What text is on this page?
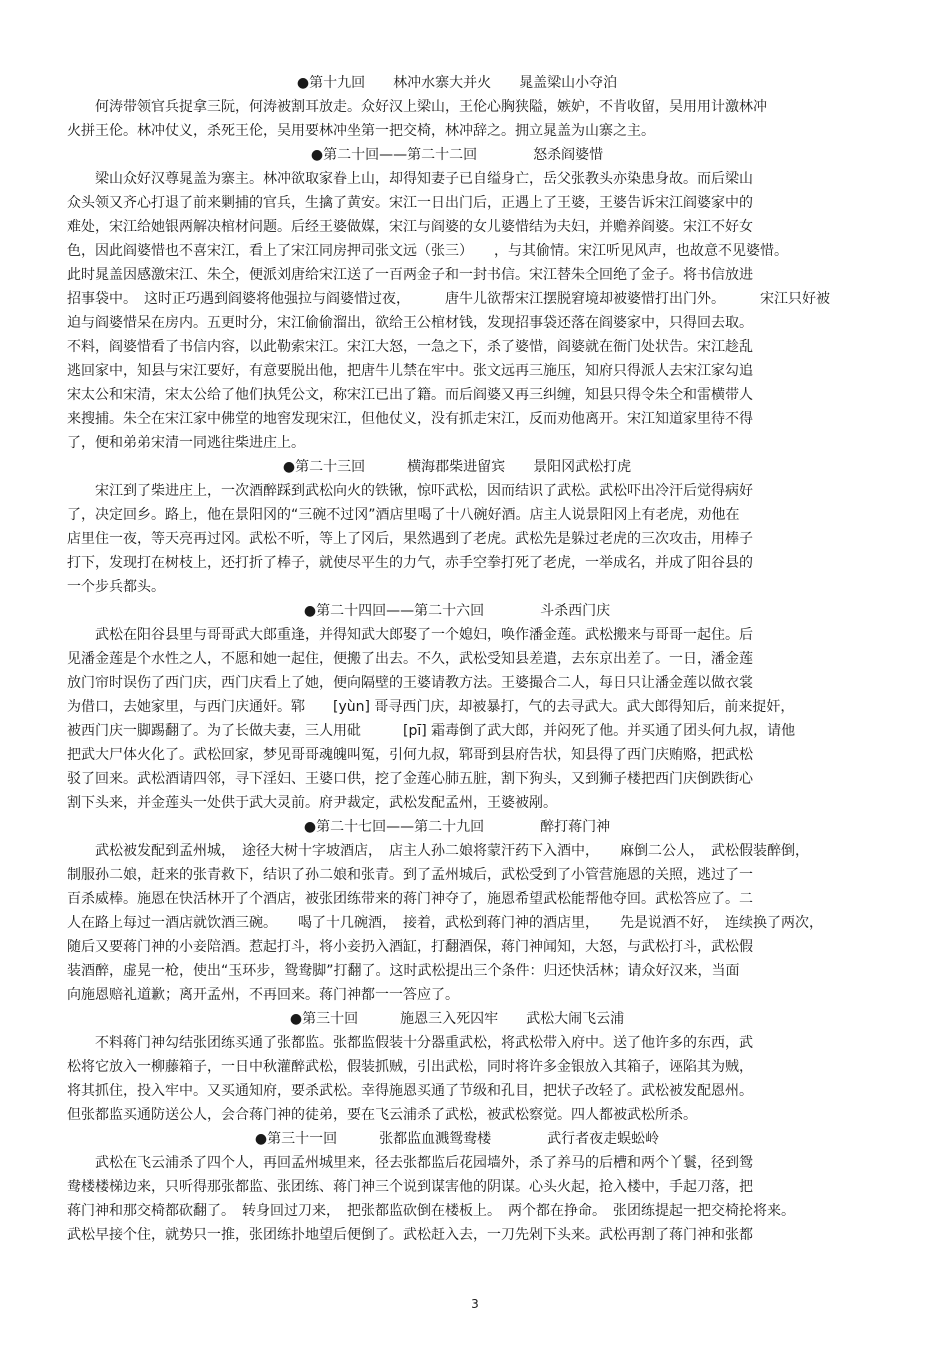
●第十九回　　林冲水寨大并火　　晁盖梁山小夺泊
　　何涛带领官兵捉拿三阮，何涛被割耳放走。众好汉上梁山，王伦心胸狭隘，嫉妒，不肯收留，吴用用计激林冲
火拼王伦。林冲仗义，杀死王伦，吴用要林冲坐第一把交椅，林冲辞之。拥立晁盖为山寨之主。
●第二十回——第二十二回　　　　怒杀阎婆惜
　　梁山众好汉尊晁盖为寨主。林冲欲取家眷上山，却得知妻子已自缢身亡，岳父张教头亦染患身故。而后梁山
众头领又齐心打退了前来剿捕的官兵，生擒了黄安。宋江一日出门后，正遇上了王婆，王婆告诉宋江阎婆家中的
难处，宋江给她银两解决棺材问题。后经王婆做媒，宋江与阎婆的女儿婆惜结为夫妇，并赡养阎婆。宋江不好女
色，因此阎婆惜也不喜宋江，看上了宋江同房押司张文远（张三）　　，与其偷情。宋江听见风声，也故意不见婆惜。
此时晁盖因感激宋江、朱仝，便派刘唐给宋江送了一百两金子和一封书信。宋江替朱仝回绝了金子。将书信放进
招事袋中。　这时正巧遇到阎婆将他强拉与阎婆惜过夜，　　　唐牛儿欲帮宋江摆脱窘境却被婆惜打出门外。　　　宋江只好被
迫与阎婆惜呆在房内。五更时分，宋江偷偷溜出，欲给王公棺材钱，发现招事袋还落在阎婆家中，只得回去取。
不料，阎婆惜看了书信内容，以此勒索宋江。宋江大怒，一急之下，杀了婆惜，阎婆就在衙门处状告。宋江趁乱
逃回家中，知县与宋江要好，有意要脱出他，把唐牛儿禁在牢中。张文远再三施压，知府只得派人去宋江家勾追
宋太公和宋清，宋太公给了他们执凭公文，称宋江已出了籍。而后阎婆又再三纠缠，知县只得令朱仝和雷横带人
来搜捕。朱仝在宋江家中佛堂的地窖发现宋江，但他仗义，没有抓走宋江，反而劝他离开。宋江知道家里待不得
了，便和弟弟宋清一同逃往柴进庄上。
●第二十三回　　　横海郡柴进留宾　　景阳冈武松打虎
　　宋江到了柴进庄上，一次酒醉踩到武松向火的铁锹，惊吓武松，因而结识了武松。武松吓出冷汗后觉得病好
了，决定回乡。路上，他在景阳冈的“三碗不过冈”酒店里喝了十八碗好酒。店主人说景阳冈上有老虎，劝他在
店里住一夜，等天亮再过冈。武松不听，等上了冈后，果然遇到了老虎。武松先是躲过老虎的三次攻击，用棒子
打下，发现打在树枝上，还打折了棒子，就使尽平生的力气，赤手空拳打死了老虎，一举成名，并成了阳谷县的
一个步兵都头。
●第二十四回——第二十六回　　　　斗杀西门庆
　　武松在阳谷县里与哥哥武大郎重逢，并得知武大郎娶了一个媳妇，唤作潘金莲。武松搬来与哥哥一起住。后
见潘金莲是个水性之人，不愿和她一起住，便搬了出去。不久，武松受知县差遣，去东京出差了。一日，潘金莲
放门帘时误伤了西门庆，西门庆看上了她，便向隔壁的王婆请教方法。王婆撮合二人，每日只让潘金莲以做衣裳
为借口，去她家里，与西门庆通奸。郓　　[yùn] 哥寻西门庆，却被暴打，气的去寻武大。武大郎得知后，前来捉奸，
被西门庆一脚踢翻了。为了长做夫妻，三人用砒　　　[pī] 霜毒倒了武大郎，并闷死了他。并买通了团头何九叔，请他
把武大尸体火化了。武松回家，梦见哥哥魂魄叫冤，引何九叔，郓哥到县府告状，知县得了西门庆贿赂，把武松
驳了回来。武松酒请四邻，寻下淫妇、王婆口供，挖了金莲心肺五脏，割下狗头，又到狮子楼把西门庆倒跌街心
割下头来，并金莲头一处供于武大灵前。府尹裁定，武松发配孟州，王婆被剐。
●第二十七回——第二十九回　　　　醉打蒋门神
　　武松被发配到孟州城，　途径大树十字坡酒店，　店主人孙二娘将蒙汗药下入酒中，　　麻倒二公人，　武松假装醉倒，
制服孙二娘，赶来的张青救下，结识了孙二娘和张青。到了孟州城后，武松受到了小管营施恩的关照，逃过了一
百杀威棒。施恩在快活林开了个酒店，被张团练带来的蒋门神夺了，施恩希望武松能帮他夺回。武松答应了。二
人在路上每过一酒店就饮酒三碗。　　喝了十几碗酒，　接着，武松到蒋门神的酒店里，　　先是说酒不好，　连续换了两次，
随后又要蒋门神的小妾陪酒。惹起打斗，将小妾扔入酒缸，打翻酒保，蒋门神闻知，大怒，与武松打斗，武松假
装酒醉，虚晃一枪，使出“玉环步，鸳鸯脚”打翻了。这时武松提出三个条件：归还快活林；请众好汉来，当面
向施恩赔礼道歉；离开孟州，不再回来。蒋门神都一一答应了。
●第三十回　　　施恩三入死囚牢　　武松大闹飞云浦
　　不料蒋门神勾结张团练买通了张都监。张都监假装十分器重武松，将武松带入府中。送了他许多的东西，武
松将它放入一柳藤箱子，一日中秋灌醉武松，假装抓贼，引出武松，同时将许多金银放入其箱子，诬陷其为贼，
将其抓住，投入牢中。又买通知府，要杀武松。幸得施恩买通了节级和孔目，把状子改轻了。武松被发配恩州。
但张都监买通防送公人，会合蒋门神的徒弟，要在飞云浦杀了武松，被武松察觉。四人都被武松所杀。
●第三十一回　　　张都监血溅鸳鸯楼　　　　武行者夜走蜈蚣岭
　　武松在飞云浦杀了四个人，再回孟州城里来，径去张都监后花园墙外，杀了养马的后槽和两个丫鬟，径到鸳
鸯楼楼梯边来，只听得那张都监、张团练、蒋门神三个说到谋害他的阴谋。心头火起，抢入楼中，手起刀落，把
蒋门神和那交椅都砍翻了。　转身回过刀来，　把张都监砍倒在楼板上。　两个都在挣命。　张团练提起一把交椅抡将来。
武松早接个住，就势只一推，张团练扑地望后便倒了。武松赶入去，一刀先剁下头来。武松再割了蒋门神和张都
3
